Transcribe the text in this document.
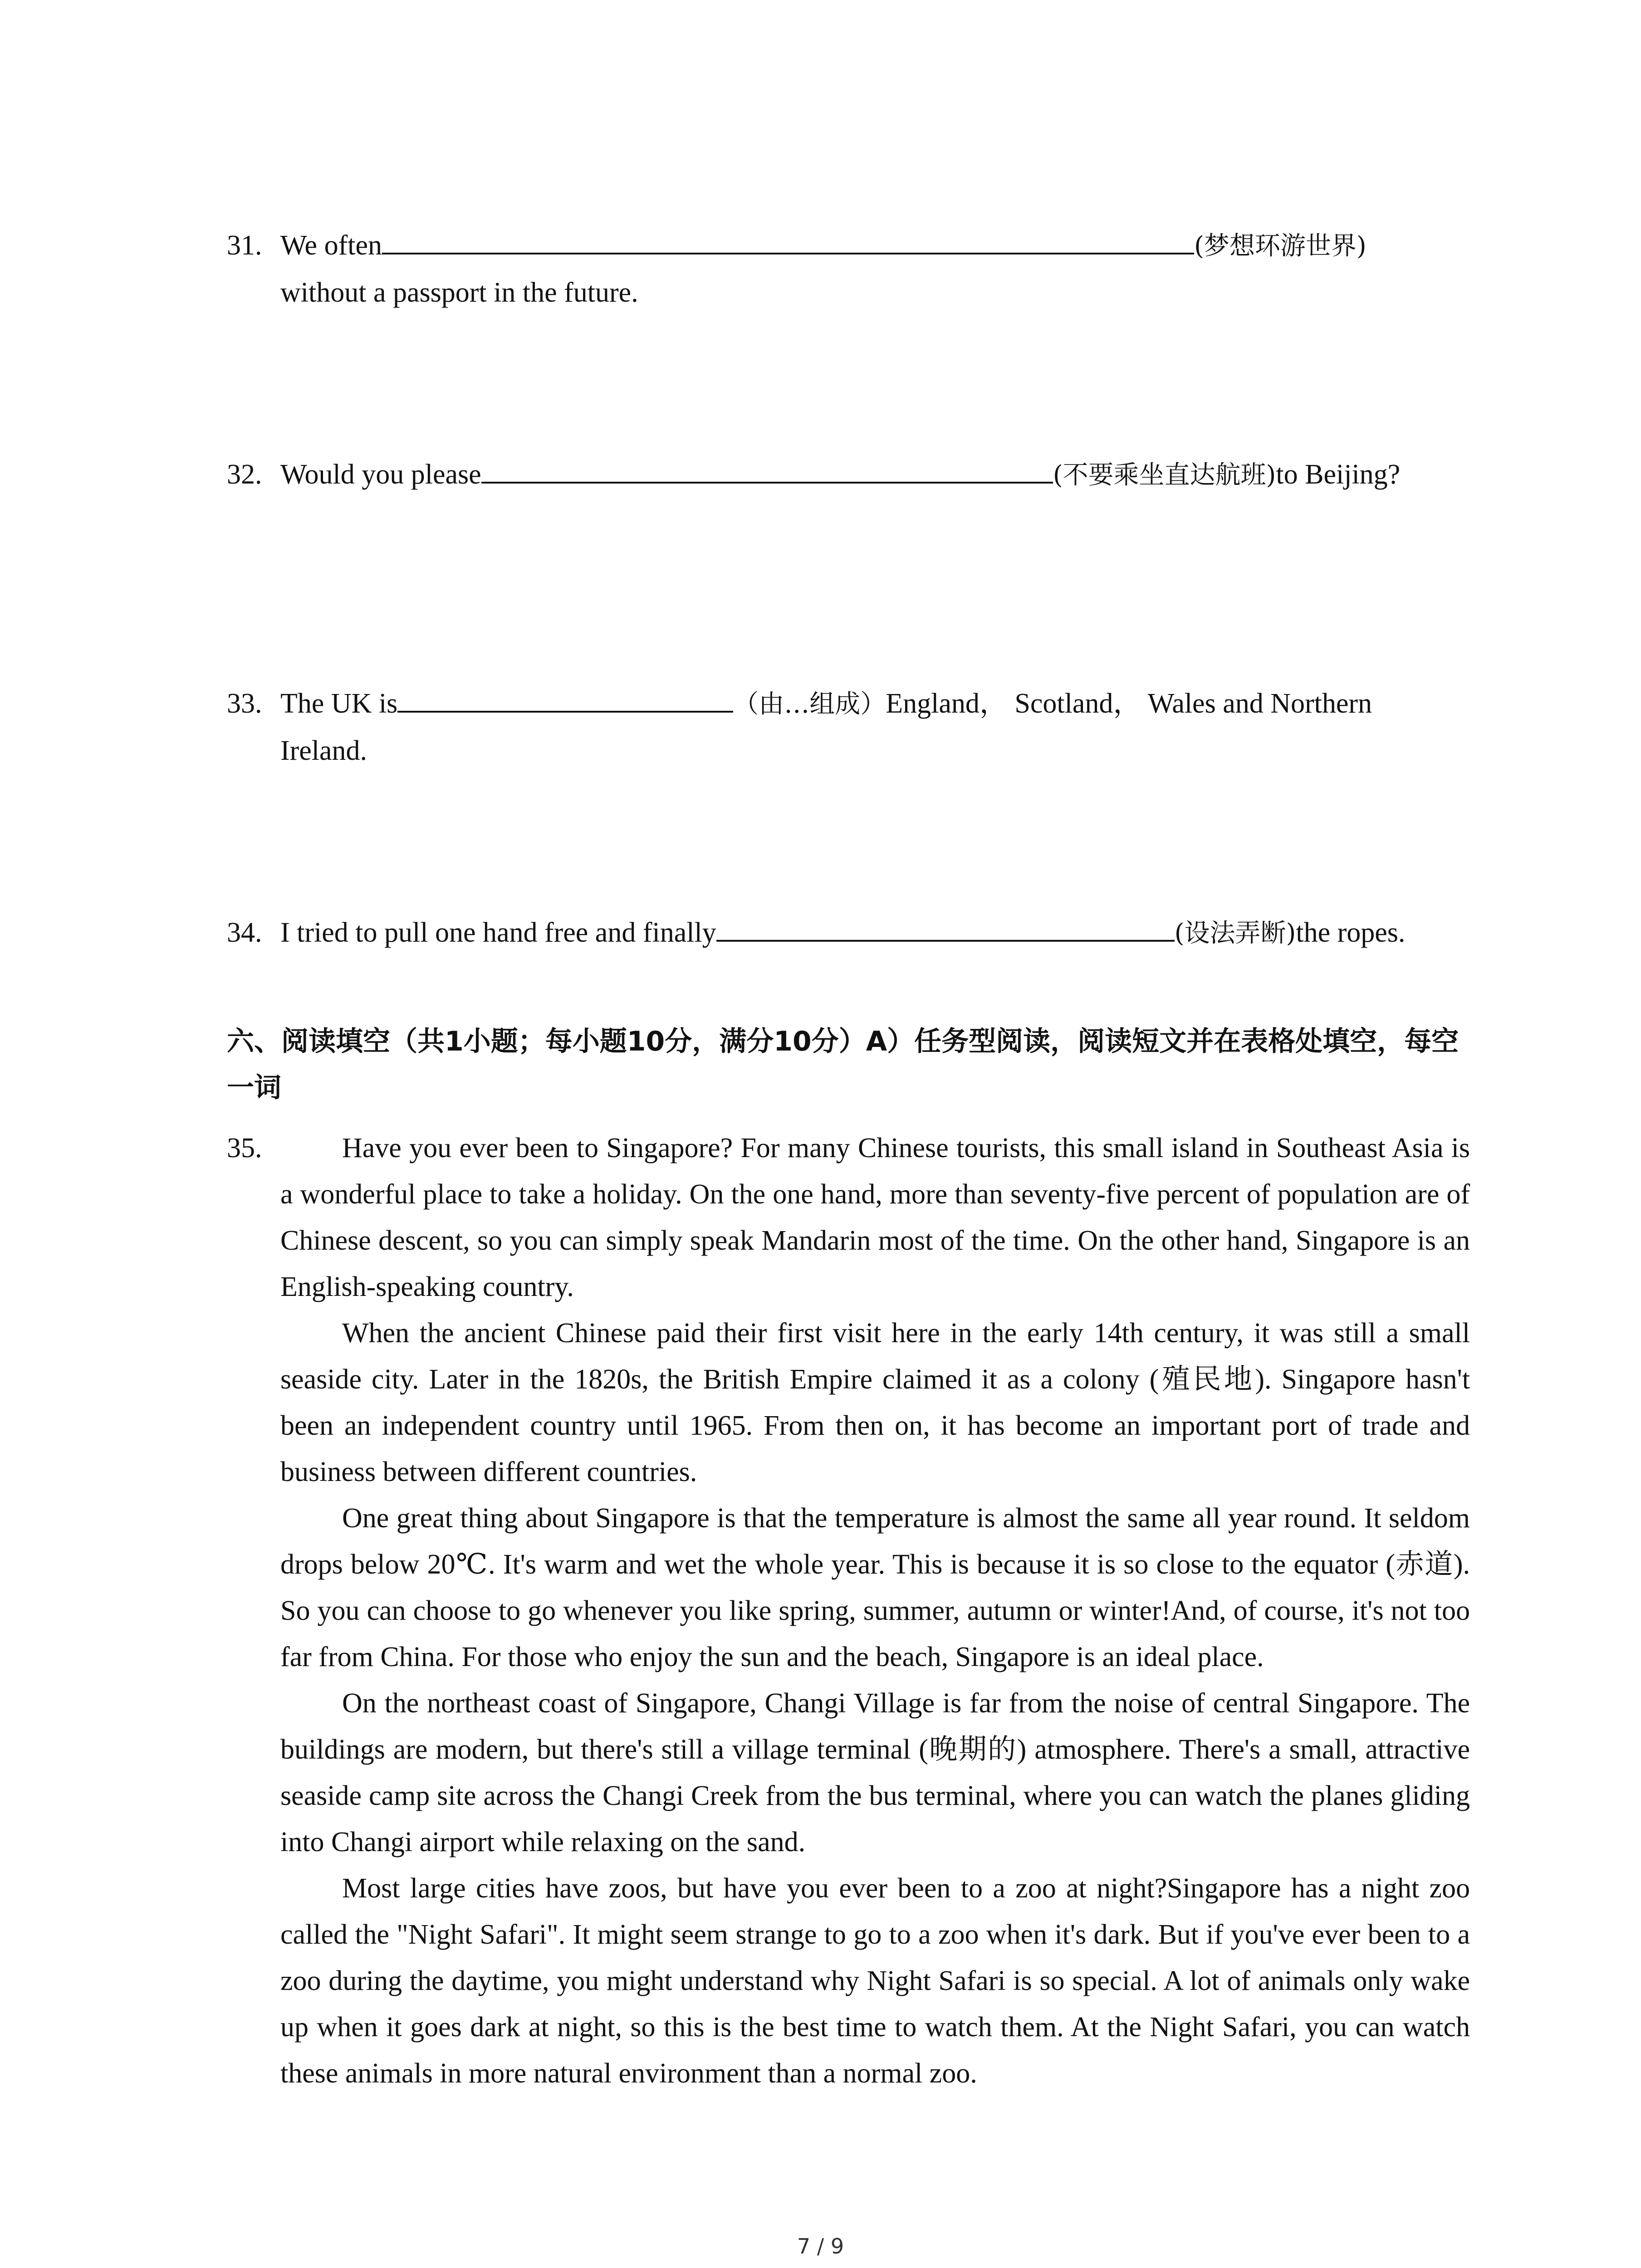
31. We often	(梦想环游世界) without a passport in the future.
32. Would you please	(不要乘坐直达航班)to Beijing?
33. The UK is	（由…组成）England， Scotland， Wales and Northern Ireland.
34. I tried to pull one hand free and finally	(设法弄断)the ropes.
六、阅读填空（共1小题；每小题10分，满分10分）A）任务型阅读，阅读短文并在表格处填空，每空一词
35.	Have you ever been to Singapore? For many Chinese tourists, this small island in Southeast Asia is a wonderful place to take a holiday. On the one hand, more than seventy-five percent of population are of Chinese descent, so you can simply speak Mandarin most of the time. On the other hand, Singapore is an English-speaking country.

When the ancient Chinese paid their first visit here in the early 14th century, it was still a small seaside city. Later in the 1820s, the British Empire claimed it as a colony (殖民地). Singapore hasn't been an independent country until 1965. From then on, it has become an important port of trade and business between different countries.

One great thing about Singapore is that the temperature is almost the same all year round. It seldom drops below 20℃. It's warm and wet the whole year. This is because it is so close to the equator (赤道). So you can choose to go whenever you like spring, summer, autumn or winter!And, of course, it's not too far from China. For those who enjoy the sun and the beach, Singapore is an ideal place.

On the northeast coast of Singapore, Changi Village is far from the noise of central Singapore. The buildings are modern, but there's still a village terminal (晚期的) atmosphere. There's a small, attractive seaside camp site across the Changi Creek from the bus terminal, where you can watch the planes gliding into Changi airport while relaxing on the sand.

Most large cities have zoos, but have you ever been to a zoo at night?Singapore has a night zoo called the "Night Safari". It might seem strange to go to a zoo when it's dark. But if you've ever been to a zoo during the daytime, you might understand why Night Safari is so special. A lot of animals only wake up when it goes dark at night, so this is the best time to watch them. At the Night Safari, you can watch these animals in more natural environment than a normal zoo.

7 / 9
